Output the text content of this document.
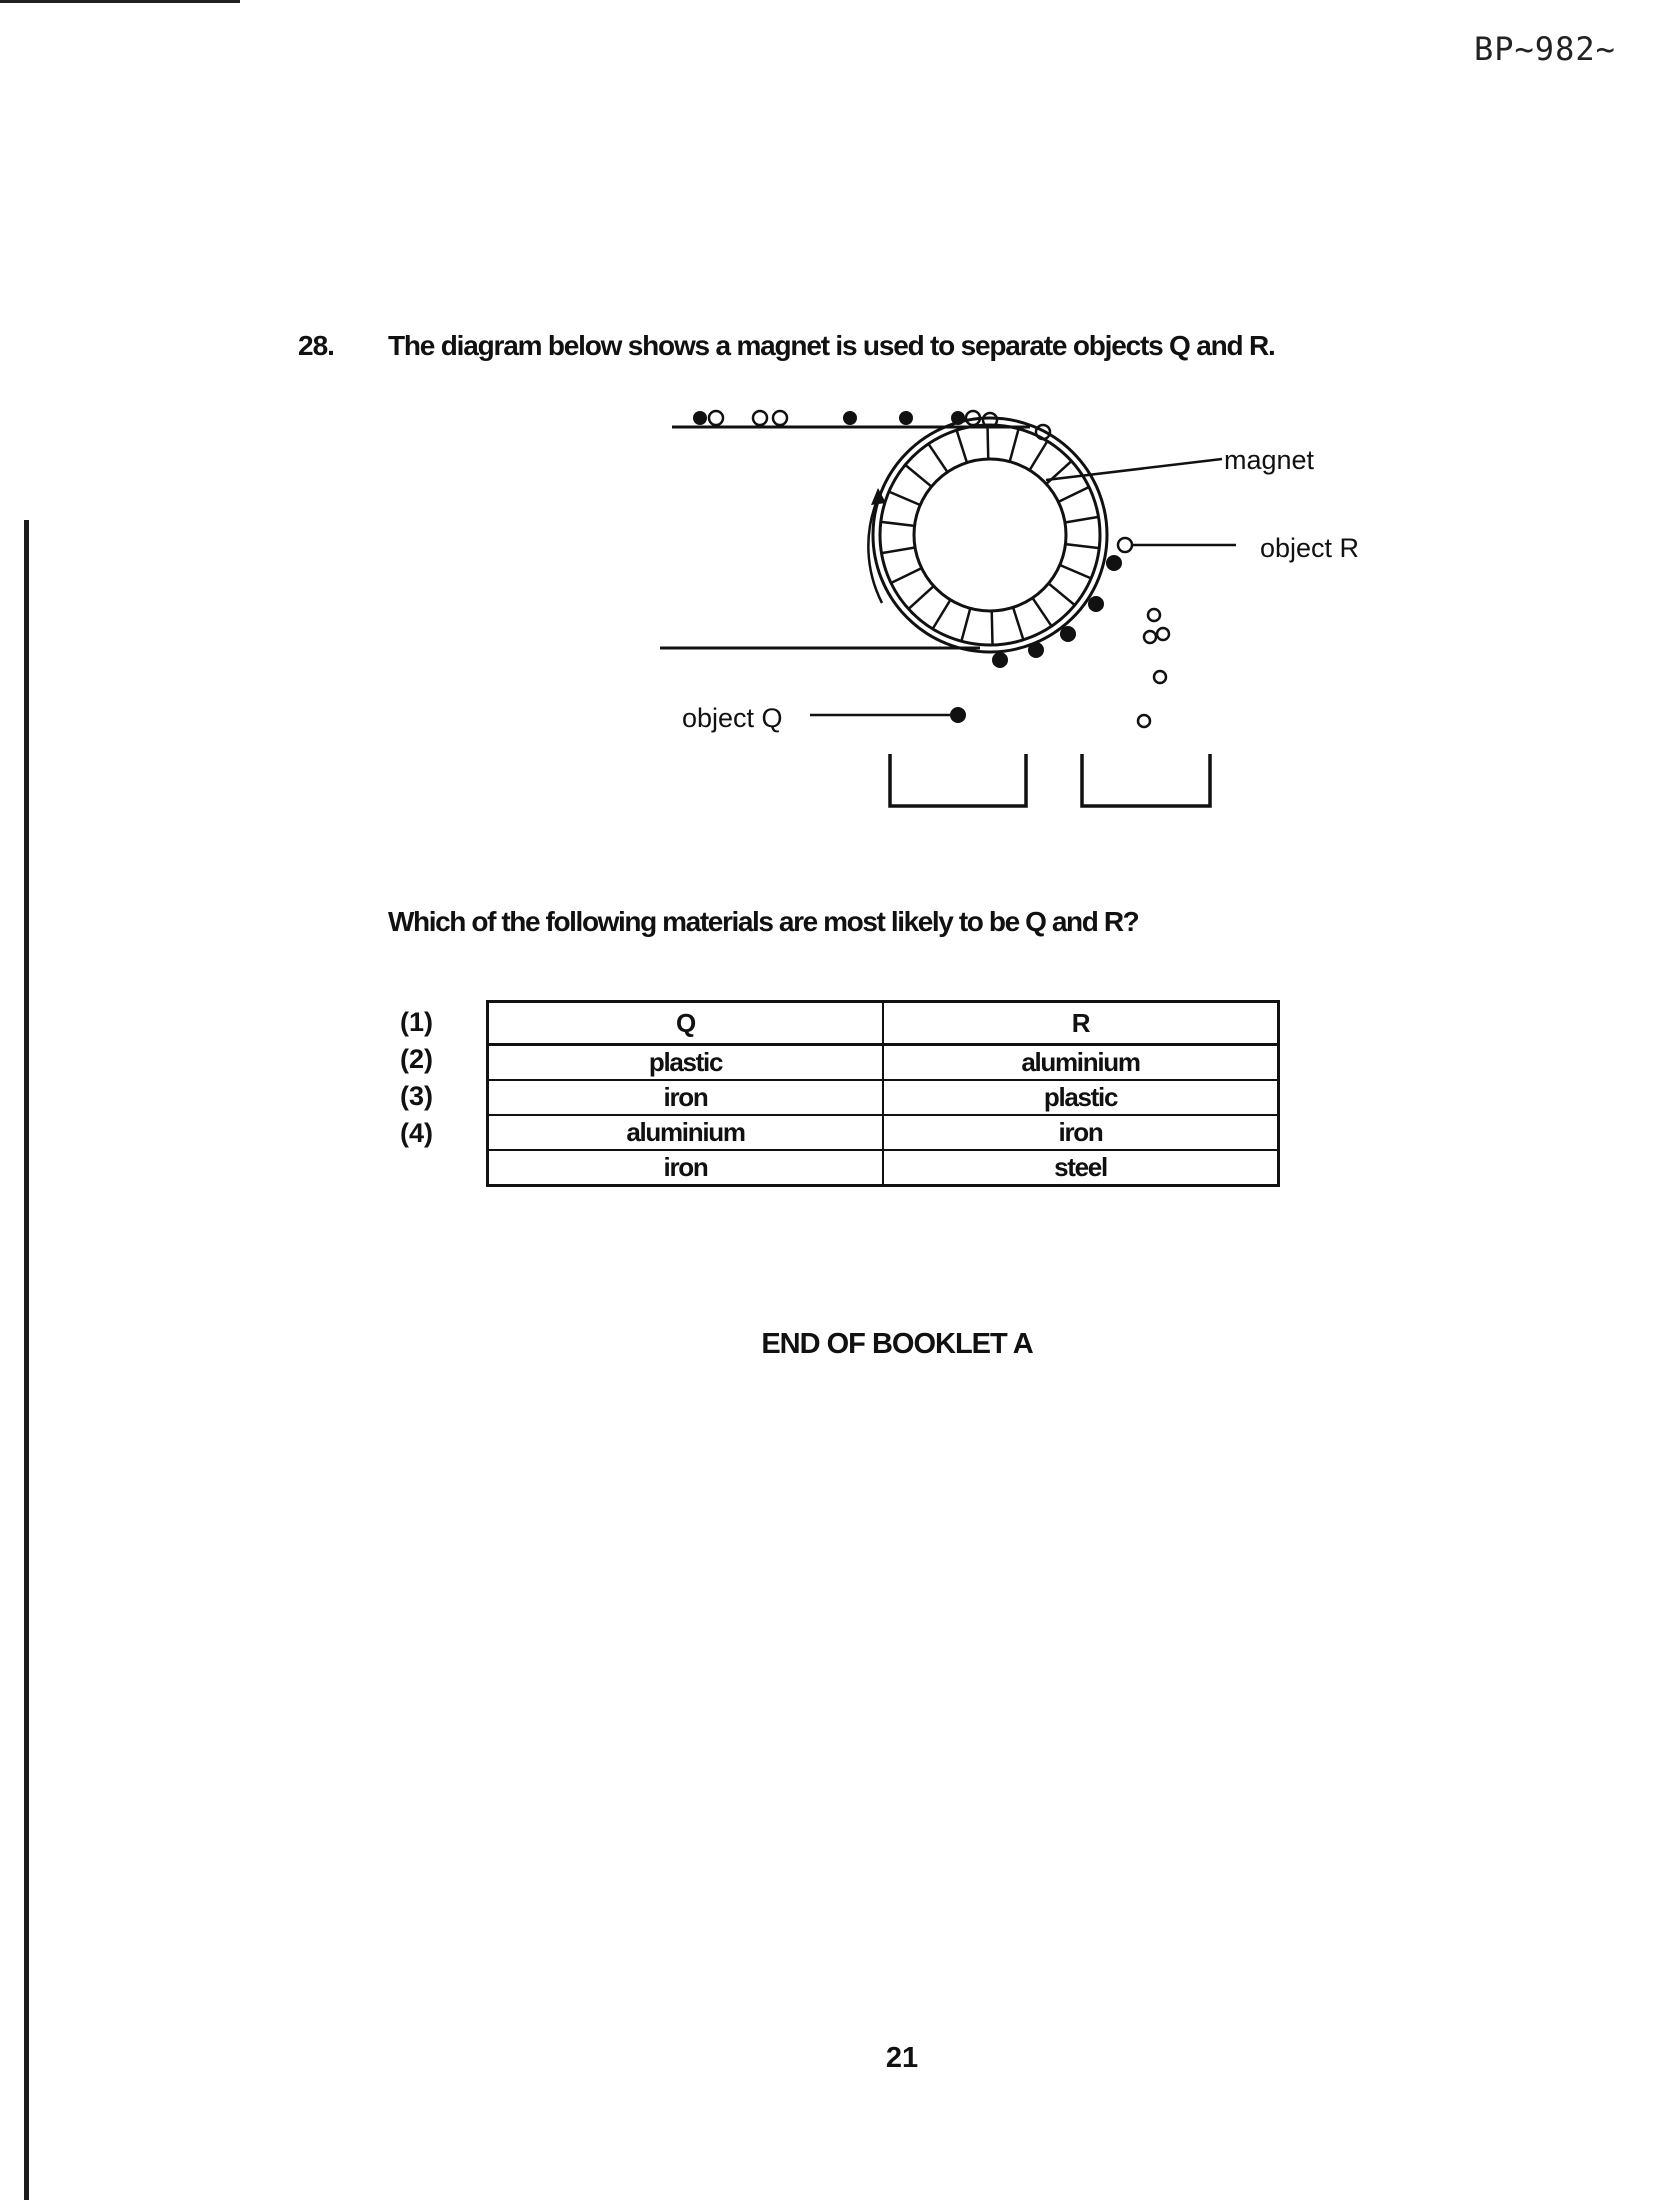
BP~982~
28. The diagram below shows a magnet is used to separate objects Q and R.
magnet
object R
object Q
Which of the following materials are most likely to be Q and R?
(1)
(2)
(3)
(4)
Q	R
plastic	aluminium
iron	plastic
aluminium	iron
iron	steel
END OF BOOKLET A
21
